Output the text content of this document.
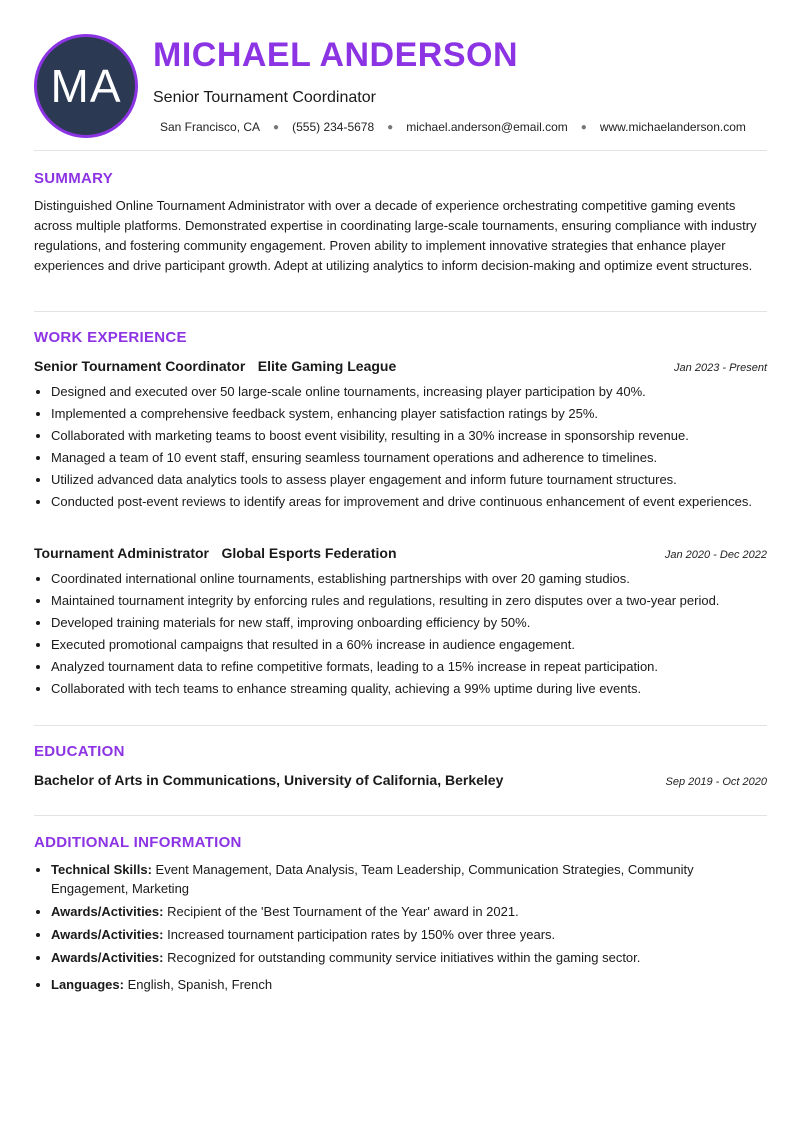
MA
MICHAEL ANDERSON
Senior Tournament Coordinator
San Francisco, CA ● (555) 234-5678 ● michael.anderson@email.com ● www.michaelanderson.com
SUMMARY
Distinguished Online Tournament Administrator with over a decade of experience orchestrating competitive gaming events across multiple platforms. Demonstrated expertise in coordinating large-scale tournaments, ensuring compliance with industry regulations, and fostering community engagement. Proven ability to implement innovative strategies that enhance player experiences and drive participant growth. Adept at utilizing analytics to inform decision-making and optimize event structures.
WORK EXPERIENCE
Senior Tournament Coordinator Elite Gaming League	Jan 2023 - Present
• Designed and executed over 50 large-scale online tournaments, increasing player participation by 40%.
• Implemented a comprehensive feedback system, enhancing player satisfaction ratings by 25%.
• Collaborated with marketing teams to boost event visibility, resulting in a 30% increase in sponsorship revenue.
• Managed a team of 10 event staff, ensuring seamless tournament operations and adherence to timelines.
• Utilized advanced data analytics tools to assess player engagement and inform future tournament structures.
• Conducted post-event reviews to identify areas for improvement and drive continuous enhancement of event experiences.
Tournament Administrator Global Esports Federation	Jan 2020 - Dec 2022
• Coordinated international online tournaments, establishing partnerships with over 20 gaming studios.
• Maintained tournament integrity by enforcing rules and regulations, resulting in zero disputes over a two-year period.
• Developed training materials for new staff, improving onboarding efficiency by 50%.
• Executed promotional campaigns that resulted in a 60% increase in audience engagement.
• Analyzed tournament data to refine competitive formats, leading to a 15% increase in repeat participation.
• Collaborated with tech teams to enhance streaming quality, achieving a 99% uptime during live events.
EDUCATION
Bachelor of Arts in Communications, University of California, Berkeley	Sep 2019 - Oct 2020
ADDITIONAL INFORMATION
• Technical Skills: Event Management, Data Analysis, Team Leadership, Communication Strategies, Community Engagement, Marketing
• Awards/Activities: Recipient of the 'Best Tournament of the Year' award in 2021.
• Awards/Activities: Increased tournament participation rates by 150% over three years.
• Awards/Activities: Recognized for outstanding community service initiatives within the gaming sector.
• Languages: English, Spanish, French
